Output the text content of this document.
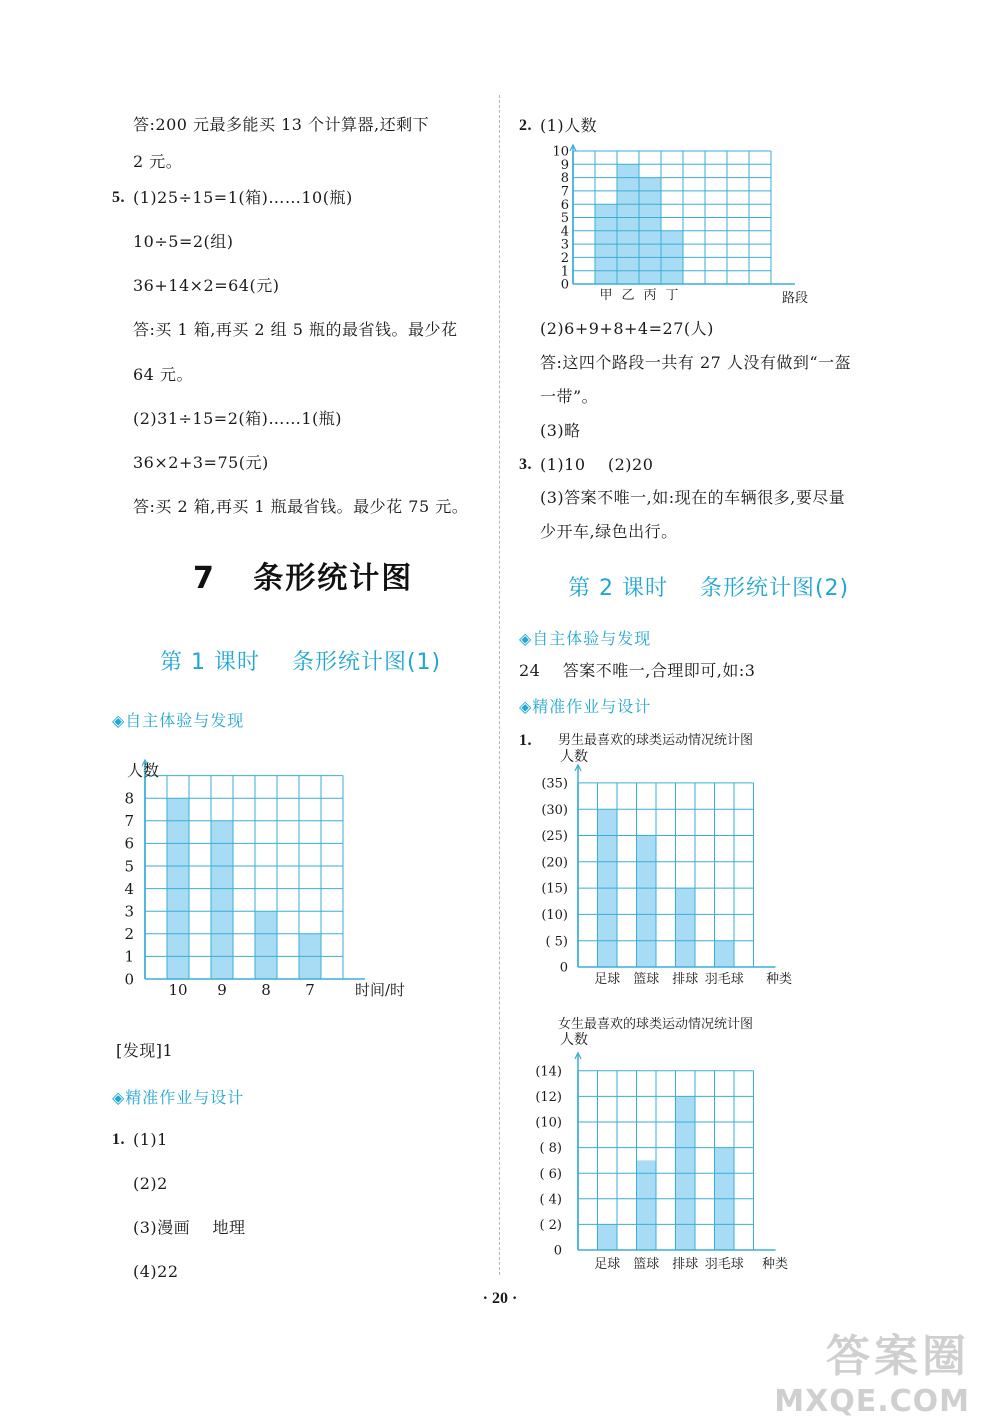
答:200 元最多能买 13 个计算器,还剩下
2 元。
5. (1)25÷15=1(箱)……10(瓶)
10÷5=2(组)
36+14×2=64(元)
答:买 1 箱,再买 2 组 5 瓶的最省钱。最少花
64 元。
(2)31÷15=2(箱)……1(瓶)
36×2+3=75(元)
答:买 2 箱,再买 1 瓶最省钱。最少花 75 元。
7   条形统计图
第 1 课时    条形统计图(1)
◈自主体验与发现
0
1
2
3
4
5
6
7
8
10 9 8 7	时间/时
人数
[发现]1
◈精准作业与设计
1. (1)1
(2)2
(3)漫画    地理
(4)22
2. (1)人数
0
1
2
3
4
5
6
7
8
9
10
甲 乙 丙 丁	路段
(2)6+9+8+4=27(人)
答:这四个路段一共有 27 人没有做到“一盔
一带”。
(3)略
3. (1)10    (2)20
(3)答案不唯一,如:现在的车辆很多,要尽量
少开车,绿色出行。
第 2 课时    条形统计图(2)
◈自主体验与发现
24    答案不唯一,合理即可,如:3
◈精准作业与设计
1.
0
( 5)
(10)
(15)
(20)
(25)
(30)
(35)
足球 篮球 排球 羽毛球 种类
人数
男生最喜欢的球类运动情况统计图
0
( 2)
( 4)
( 6)
( 8)
(10)
(12)
(14)
足球 篮球 排球 羽毛球 种类
人数
女生最喜欢的球类运动情况统计图
· 20 ·
答案圈
MXQE.COM
